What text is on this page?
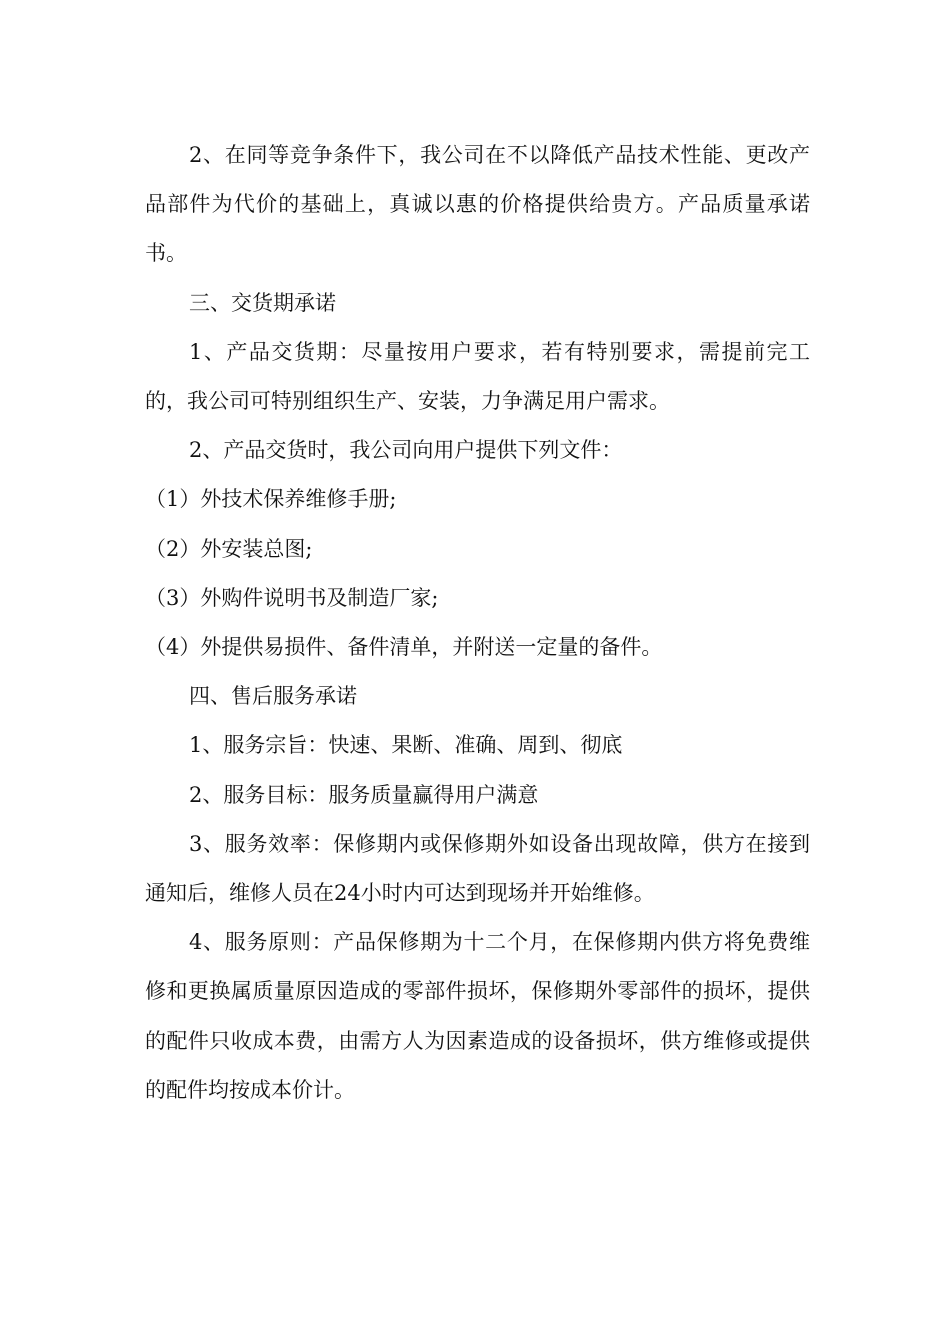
2、在同等竞争条件下，我公司在不以降低产品技术性能、更改产品部件为代价的基础上，真诚以惠的价格提供给贵方。产品质量承诺书。

三、交货期承诺

1、产品交货期：尽量按用户要求，若有特别要求，需提前完工的，我公司可特别组织生产、安装，力争满足用户需求。

2、产品交货时，我公司向用户提供下列文件：

（1）外技术保养维修手册;

（2）外安装总图;

（3）外购件说明书及制造厂家;

（4）外提供易损件、备件清单，并附送一定量的备件。

四、售后服务承诺

1、服务宗旨：快速、果断、准确、周到、彻底

2、服务目标：服务质量赢得用户满意

3、服务效率：保修期内或保修期外如设备出现故障，供方在接到通知后，维修人员在24小时内可达到现场并开始维修。

4、服务原则：产品保修期为十二个月，在保修期内供方将免费维修和更换属质量原因造成的零部件损坏，保修期外零部件的损坏，提供的配件只收成本费，由需方人为因素造成的设备损坏，供方维修或提供的配件均按成本价计。
